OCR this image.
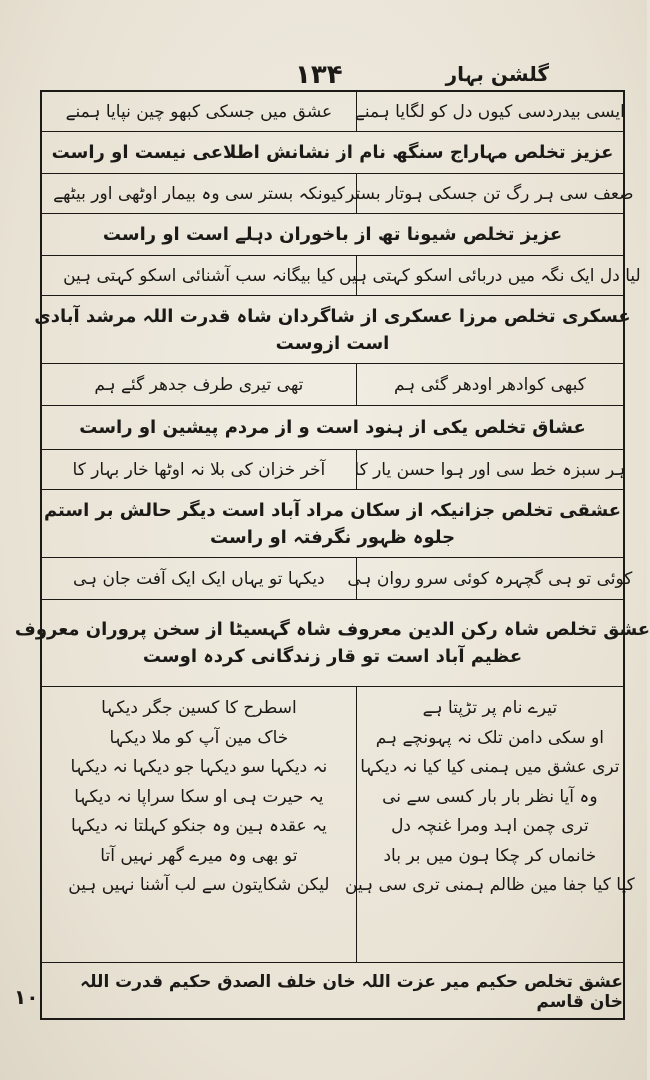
۱۳۴	گلشن بہار
ایسی بیدردسی کیوں دل کو لگایا ہمنے
عشق میں جسکی کبھو چین نپایا ہمنے
عزیز تخلص مہاراج سنگھ نام از نشانش اطلاعی نیست او راست
ضعف سی ہر رگ تن جسکی ہوتار بستر
کیونکہ بستر سی وہ بیمار اوٹھی اور بیٹھے
عزیز تخلص شیونا تھ از باخوران دہلے است او راست
لیا دل ایک نگہ میں دربائی اسکو کہتی ہیں
کیا بیگانہ سب آشنائی اسکو کہتی ہین
عسکری تخلص مرزا عسکری از شاگردان شاہ قدرت اللہ مرشد آبادی
است ازوست
کبھی کوادھر اودھر گئی ہم
تھی تیری طرف جدھر گئے ہم
عشاق تخلص یکی از ہنود است و از مردم پیشین او راست
ہر سبزہ خط سی اور ہوا حسن یار کا
آخر خزان کی بلا نہ اوٹھا خار بہار کا
عشقی تخلص جزانیکہ از سکان مراد آباد است دیگر حالش بر استم
جلوہ ظہور نگرفتہ او راست
کوئی تو ہی گچہرہ کوئی سرو روان ہی
دیکہا تو یہاں ایک ایک آفت جان ہی
عشق تخلص شاہ رکن الدین معروف شاہ گہسیٹا از سخن پروران معروف
عظیم آباد است تو قار زندگانی کردہ اوست
تیرے نام پر تڑپتا ہے
او سکی دامن تلک نہ پہونچے ہم
تری عشق میں ہمنی کیا کیا نہ دیکہا
وہ آیا نظر بار بار کسی سے نی
تری چمن اہد ومرا غنچہ دل
خانماں کر چکا ہون میں بر باد
کیا کیا جفا مین ظالم ہمنی تری سی ہین
اسطرح کا کسین جگر دیکہا
خاک مین آپ کو ملا دیکہا
نہ دیکہا سو دیکہا جو دیکہا نہ دیکہا
یہ حیرت ہی او سکا سراپا نہ دیکہا
یہ عقدہ ہین وہ جنکو کہلتا نہ دیکہا
تو بھی وہ میرے گھر نہیں آتا
لیکن شکایتون سے لب آشنا نہیں ہین
عشق تخلص حکیم میر عزت اللہ خان خلف الصدق حکیم قدرت اللہ خان قاسم
۱۰
